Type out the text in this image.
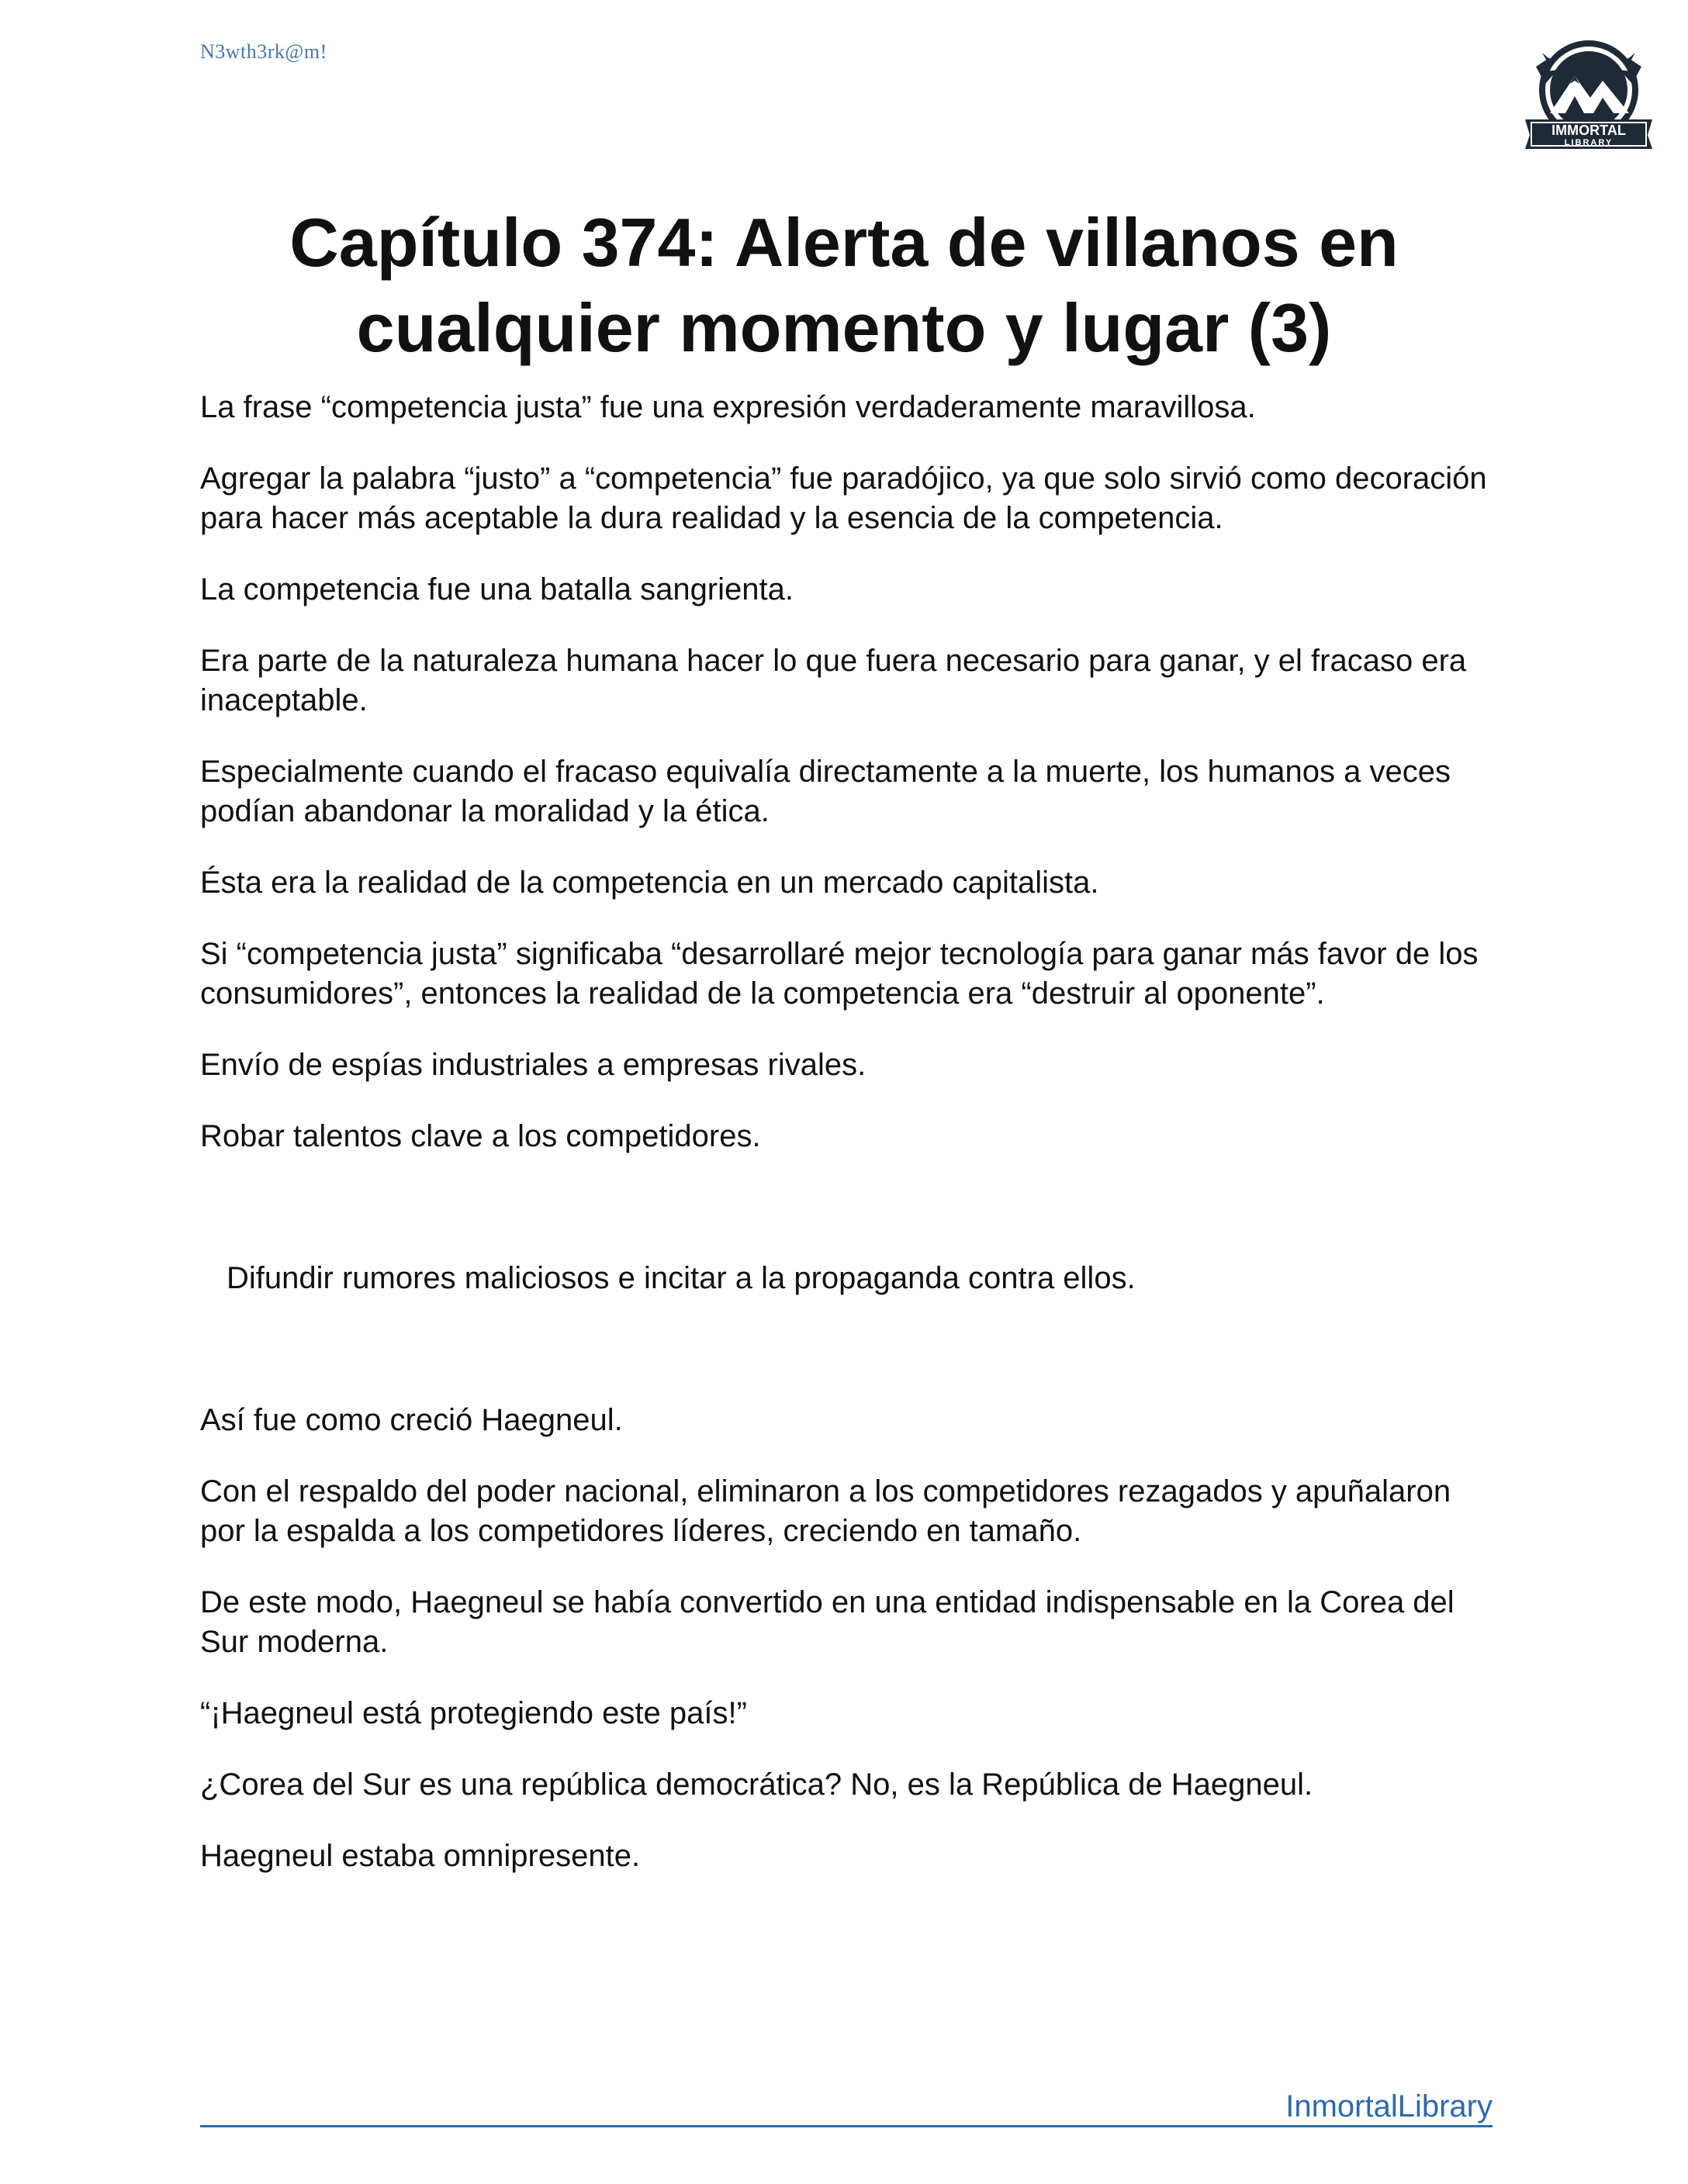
N3wth3rk@m!
IMMORTAL
LIBRARY
Capítulo 374: Alerta de villanos en cualquier momento y lugar (3)

La frase “competencia justa” fue una expresión verdaderamente maravillosa.

Agregar la palabra “justo” a “competencia” fue paradójico, ya que solo sirvió como decoración para hacer más aceptable la dura realidad y la esencia de la competencia.

La competencia fue una batalla sangrienta.

Era parte de la naturaleza humana hacer lo que fuera necesario para ganar, y el fracaso era inaceptable.

Especialmente cuando el fracaso equivalía directamente a la muerte, los humanos a veces podían abandonar la moralidad y la ética.

Ésta era la realidad de la competencia en un mercado capitalista.

Si “competencia justa” significaba “desarrollaré mejor tecnología para ganar más favor de los consumidores”, entonces la realidad de la competencia era “destruir al oponente”.

Envío de espías industriales a empresas rivales.

Robar talentos clave a los competidores.

Difundir rumores maliciosos e incitar a la propaganda contra ellos.

Así fue como creció Haegneul.

Con el respaldo del poder nacional, eliminaron a los competidores rezagados y apuñalaron por la espalda a los competidores líderes, creciendo en tamaño.

De este modo, Haegneul se había convertido en una entidad indispensable en la Corea del Sur moderna.

“¡Haegneul está protegiendo este país!”

¿Corea del Sur es una república democrática? No, es la República de Haegneul.

Haegneul estaba omnipresente.

InmortalLibrary
